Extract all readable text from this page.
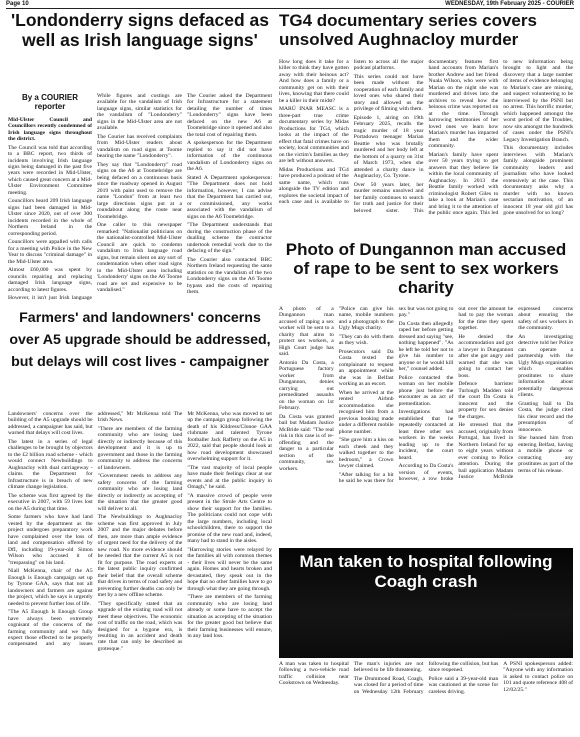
Page 10	WEDNESDAY, 19th February 2025 - COURIER
'Londonderry signs defaced as well as Irish language signs'
By a COURIER
reporter

Mid-Ulster Council and Councillors recently condemned of Irish language signs throughout the district.

The Council was told that according to a BBC report, two thirds of incidents involving Irish language signs being damaged in the past five years were recorded in Mid-Ulster, which caused great concern at a Mid-Ulster Environment Committee meeting.

Councillors heard 209 Irish language signs had been damaged in Mid-Ulster since 2020, out of over 300 incidents recorded in the whole of Northern Ireland in the corresponding period.

Councillors were appalled with calls for a meeting with Police in the New Year to discuss "criminal damage" in the Mid-Ulster area.

Almost £60,000 was spent by councils repairing and replacing damaged Irish language signs, according to latest figures.

However, it isn't just Irish language

While figures and costings are available for the vandalism of Irish language signs, similar statistics for the vandalism of "Londonderry" signs in the Mid-Ulster area are not available.

The Courier has received complaints from Mid-Ulster readers about vandalism on road signs at Toome bearing the name "Londonderry".

They say that "Londonderry" road signs on the A6 at Toomebridge are being defaced on a continuous basis since the roadway opened in August 2019 with paint used to remove the name "London" from at least two large directions signs put at a roundabout along the route near Toomebridge.

One caller to this newspaper remarked: "Nationalist politicians on the nationalist-controlled Mid-Ulster Council are quick to condemn vandalism to Irish language road signs, but remain silent on any sort of condemnation when other road signs in the Mid-Ulster area including 'Londonderry' signs on the A6 Toome road are set and expensive to be vandalised."

The Courier asked the Department for Infrastructure for a statement detailing the number of times "Londonderry" signs have been defaced on the new A6 at Toomebridge since it opened and also the total cost of repairing them.

A spokesperson for the Department replied to say it did not have information of the continuous vandalism of Londonderry signs on the A6.

Stated A Department spokesperson: "The Department does not hold information, however, I can advise that the Department has carried out, or commissioned, any works associated with the vandalism of signs on the A6 Toomebridge.

"The Department understands that during the construction phase of the dualling scheme the contractor undertook remedial work due to the defacing of the sign."

The Courier also contacted BBC Northern Ireland requesting the same statistics on the vandalism of the two Londonderry signs on the A6 Toome bypass and the costs of repairing them.

TG4 documentary series covers unsolved Aughnacloy murder

How long does it take for a killer to think they have gotten away with their heinous act? And how does a family or a community get on with their lives, knowing that there could be a killer in their midst?

MARÚ INAR MEASC is a three-part true crime documentary series by Midas Productions for TG4, which looks at the impact of the effect that fatal crimes have on society, local communities and on the victim's families as they are left without answers.

Midas Productions and TG4 have produced a podcast of the same name, which runs alongside the TV edition and explores the societal impact of each case and is available to listen to across all the major podcast platforms.

This series could not have been made without the cooperation of each family and loved ones who shared their story and allowed us the privilege of filming with them.

Episode 1, airing on 19th February 2025, recalls the tragic murder of 18 year Portadown teenager Marian Beattie who was brutally murdered and her body left at the bottom of a quarry on 31st of March 1973, when she attended a charity dance in Aughnacloy, Co. Tyrone.

Over 50 years later, her murder remains unsolved and her family continues to search for truth and justice for their beloved sister. This documentary features first hand accounts from Marian's brother Andrew and her friend Nuala Wilson, who were with Marian on the night she was murdered and drives into the archives to reveal how the heinous crime was reported on at the time. Through harrowing testimonies of her loved ones we learn how Marian's murder has impacted them and the wider community.

Marian's family have spent over 50 years trying to get answers that they believe lie within the local community of Aughnacloy. In 2013 the Beattie family worked with criminologist Robert Giles to take a look at Marian's case and bring it to the attention of the public once again. This led to new information being brought to light and the discovery that a large number of items of evidence belonging to Marian's case are missing, and suspect volunteering to be interviewed by the PSNI but no arrest. This horrific murder, which happened amongst the worst period of the Troubles, now sits amongst the hundreds of cases under the PSNI's Legacy Investigation Branch.

This documentary includes interviews with Marian's family alongside prominent community leaders and journalists who have looked extensively at the case. This documentary asks why a murder with no known sectarian motivation, of an innocent 18 year old girl has gone unsolved for so long?

Photo of Dungannon man accused of rape to be sent to sex workers charity

A photo of a Dungannon man accused of raping a sex worker will be sent to a charity that aims to protect sex workers, a High Court judge has said.

Antonio Da Costa, a Portuguese factory worker from Dungannon, denies carrying out premeditated assaults on the woman on 1st February.

Da Costa was granted bail but Madam Justice McBride said: "The real risk in this case is of re-offending and the danger to a particular section of the community, sex workers.

"Police can give his name, mobile numbers and a photograph to the Ugly Mugs charity.

"They can do with them as they wish.

Prosecutors said Da Costa texted the complainant to request an appointment while she was in Belfast working as an escort.

When he arrived at the rented Airbnb accommodation she recognised him from a previous booking made under a different mobile phone number.

"She gave him a kiss on each cheek and they walked together to the bedroom," a Crown lawyer claimed.

"After talking for a bit he said he was there for sex but was not going to pay."

Da Costa then allegedly raped her before getting dressed and saying "see, nothing happened". "As he left he told her not to give his number to anyone or he would kill her," counsel added.

Police contacted the woman on her mobile phone just before the encounter as an act of premeditation.

Investigations had established that he repeatedly contacted at least three other sex workers in the weeks leading up to the incident, the court heard.

According to Da Costa's version of events, however, a row broke out over the amount he had to pay the woman for the time they spent together.

He denied the accommodation and got a lawyer in Dungannon after she got angry and warned that she was going to contact her boss.

Defence barrister Turlough Madden told the court Da Costa is innocent and the property for sex denies the charges.

He stressed that the accused, originally from Portugal, has lived in Northern Ireland for up to eight years without ever coming to Police attention. During the bail application Madam Justice McBride expressed concerns about ensuring the safety of sex workers in the community.

An investigating detective told her Police can operate a partnership with the Ugly Mugs organisation which enables prostitutes to share information about potentially dangerous clients.

Granting bail to Da Costa, the judge cited his clear record and the presumption of innocence.

She banned him from entering Belfast, having a mobile phone or contacting any prostitutes as part of the terms of his release.

Farmers' and landowners' concerns over A5 upgrade should be addressed, but delays will cost lives - campaigner

Landowners' concerns over the building of the A5 upgrade should be addressed, a campaigner has said, but warned that delays will cost lives.

The latest in a series of legal challenges to be brought by objectors to the £2 billion road scheme - which would connect Newbuildings to Aughnacloy with dual carriageway - claims the Department for Infrastructure is in breach of new climate change legislation.

The scheme was first agreed by the executive in 2007, with 59 lives lost on the A5 during that time.

Some farmers who have had land vested by the department as the project undergoes preparatory work have complained over the loss of land and compensation offered by DfI, including 19-year-old Simon Wilson who accused it of "trespassing" on his land.

Niall McKenna, chair of the A5 Enough is Enough campaign set up by Tyrone GAA, says that not all landowners and farmers are against the project, which he says is urgently needed to prevent further loss of life.

"The A5 Enough Is Enough Group have always been extremely cognisant of the concerns of the farming community and we fully expect those effected to be properly compensated and any issues addressed," Mr McKenna told The Irish News.

"There are members of the farming community who are losing land directly or indirectly because of this development and it is up to government and those in the farming community to address the concerns of landowners.

"Government needs to address any safety concerns of the farming community who are losing land directly or indirectly as accepting of the situation that the greater good will deliver to all.

The Newbuildings to Aughnacloy scheme was first approved in July 2007 and the major debates before then, are more than ample evidence of urgent need for the delivery of the new road. No more evidence should be needed that the current A5 is not fit for purpose. The road experts at the latest public inquiry confirmed their belief that the overall scheme that drives in terms of road safety and preventing further deaths can only be met by a new offline scheme.

"They specifically stated that an upgrade of the existing road will not meet these objectives. The economic cost of traffic on the road, which was designed for a bygone era, is resulting in an accident and death rate that can only be described as grotesque."

Mr McKenna, who was moved to set up the campaign group following the death of his Kildress/Clonoe GAA clubmate and talented Tyrone footballer Jack Rafferty on the A5 in 2022, said that people should look at how road development showcased overwhelming support for it.

"The vast majority of local people have made their feelings clear at our events and at the public inquiry in Omagh," he said.

"A massive crowd of people were present in the Strule Arts Centre to show their support for the families. The politicians could not cope with the large numbers, including local schoolchildren, there to support the promise of the new road and, indeed, many had to stand in the aisles.

"Harrowing stories were relayed by the families all with common themes - their lives will never be the same again. Homes and hearts broken and devastated, they speak out in the hope that no other families have to go through what they are going through.

"There are members of the farming community who are losing land already or some have to accept the situation as accepting of the situation for the greater good but believe that their farming businesses will ensure, in any land loss.

Man taken to hospital following Coagh crash

A man was taken to hospital following a two-vehicle road traffic collision near Cookstown on Wednesday.

The man's injuries are not believed to be life threatening.

The Drummond Road, Coagh, was closed for a period of time on Wednesday 12th February following the collision, but has since reopened.

Police said a 39-year-old man was cautioned at the scene for careless driving.

A PSNI spokesperson added: "Anyone with any information is asked to contact police on 101 and quote reference 408 of 12/02/25."
